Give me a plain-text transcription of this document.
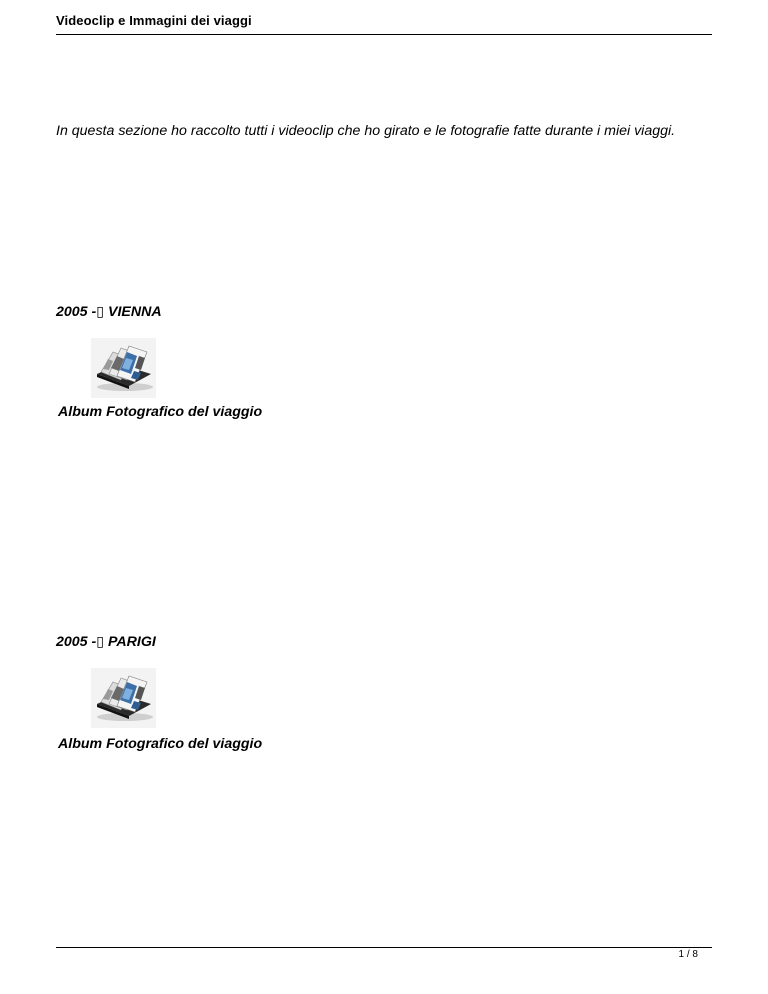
Videoclip e Immagini dei viaggi
In questa sezione ho raccolto tutti i videoclip che ho girato e le fotografie fatte durante i miei viaggi.
2005 -▯ VIENNA
Album Fotografico del viaggio
2005 -▯ PARIGI
Album Fotografico del viaggio
1 / 8
